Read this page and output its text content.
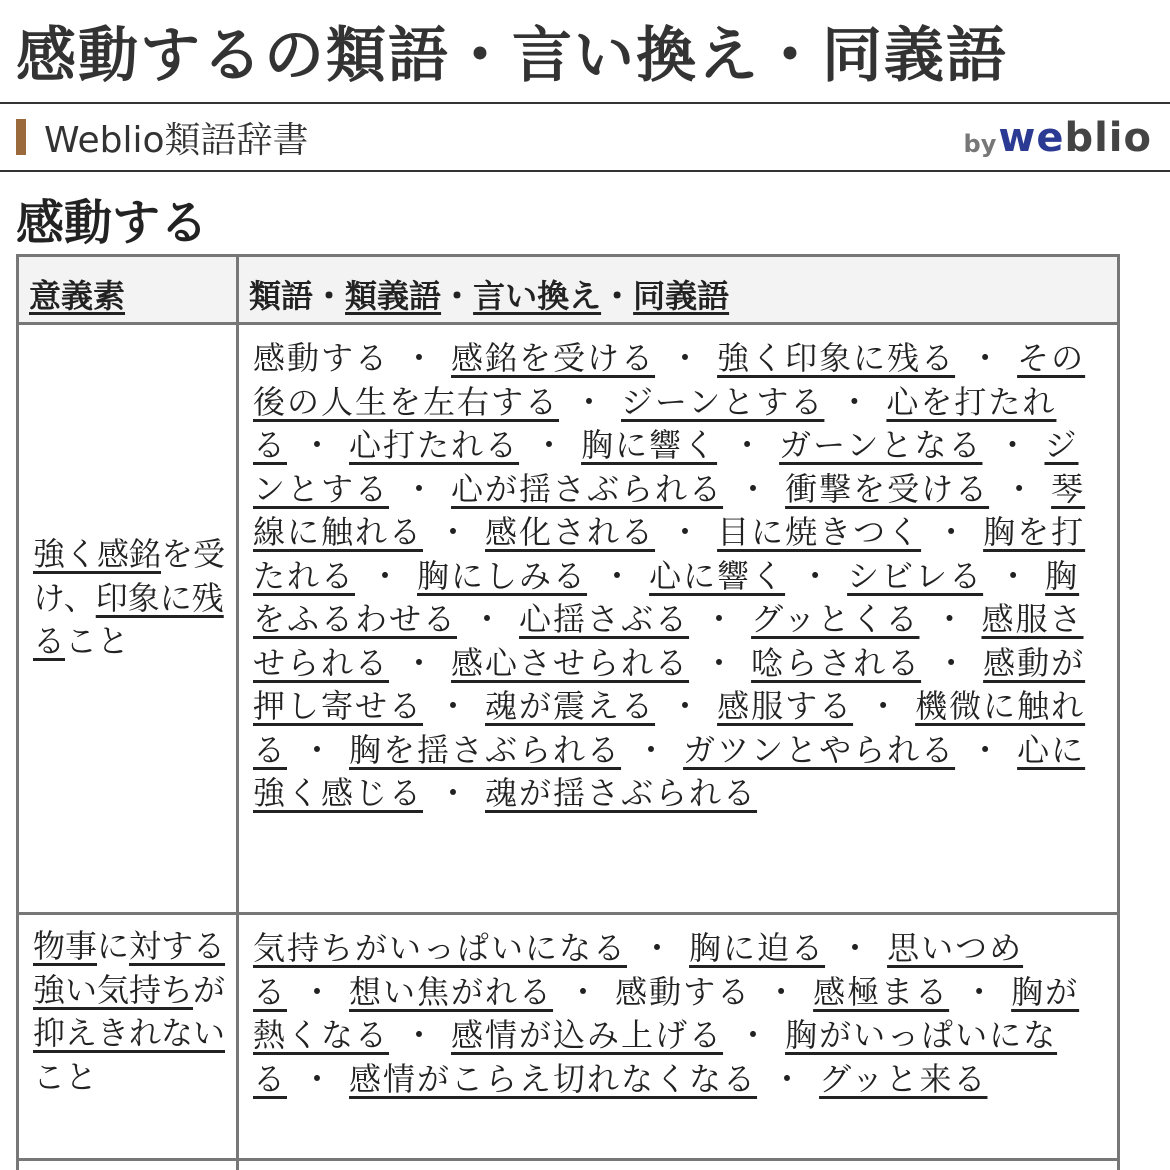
感動するの類語・言い換え・同義語
Weblio類語辞書	by weblio
感動する
意義素	類語・類義語・言い換え・同義語
強く感銘を受け、印象に残ること	感動する ・ 感銘を受ける ・ 強く印象に残る ・ その後の人生を左右する ・ ジーンとする ・ 心を打たれる ・ 心打たれる ・ 胸に響く ・ ガーンとなる ・ ジンとする ・ 心が揺さぶられる ・ 衝撃を受ける ・ 琴線に触れる ・ 感化される ・ 目に焼きつく ・ 胸を打たれる ・ 胸にしみる ・ 心に響く ・ シビレる ・ 胸をふるわせる ・ 心揺さぶる ・ グッとくる ・ 感服させられる ・ 感心させられる ・ 唸らされる ・ 感動が押し寄せる ・ 魂が震える ・ 感服する ・ 機微に触れる ・ 胸を揺さぶられる ・ ガツンとやられる ・ 心に強く感じる ・ 魂が揺さぶられる
物事に対する強い気持ちが抑えきれないこと	気持ちがいっぱいになる ・ 胸に迫る ・ 思いつめる ・ 想い焦がれる ・ 感動する ・ 感極まる ・ 胸が熱くなる ・ 感情が込み上げる ・ 胸がいっぱいになる ・ 感情がこらえ切れなくなる ・ グッと来る
